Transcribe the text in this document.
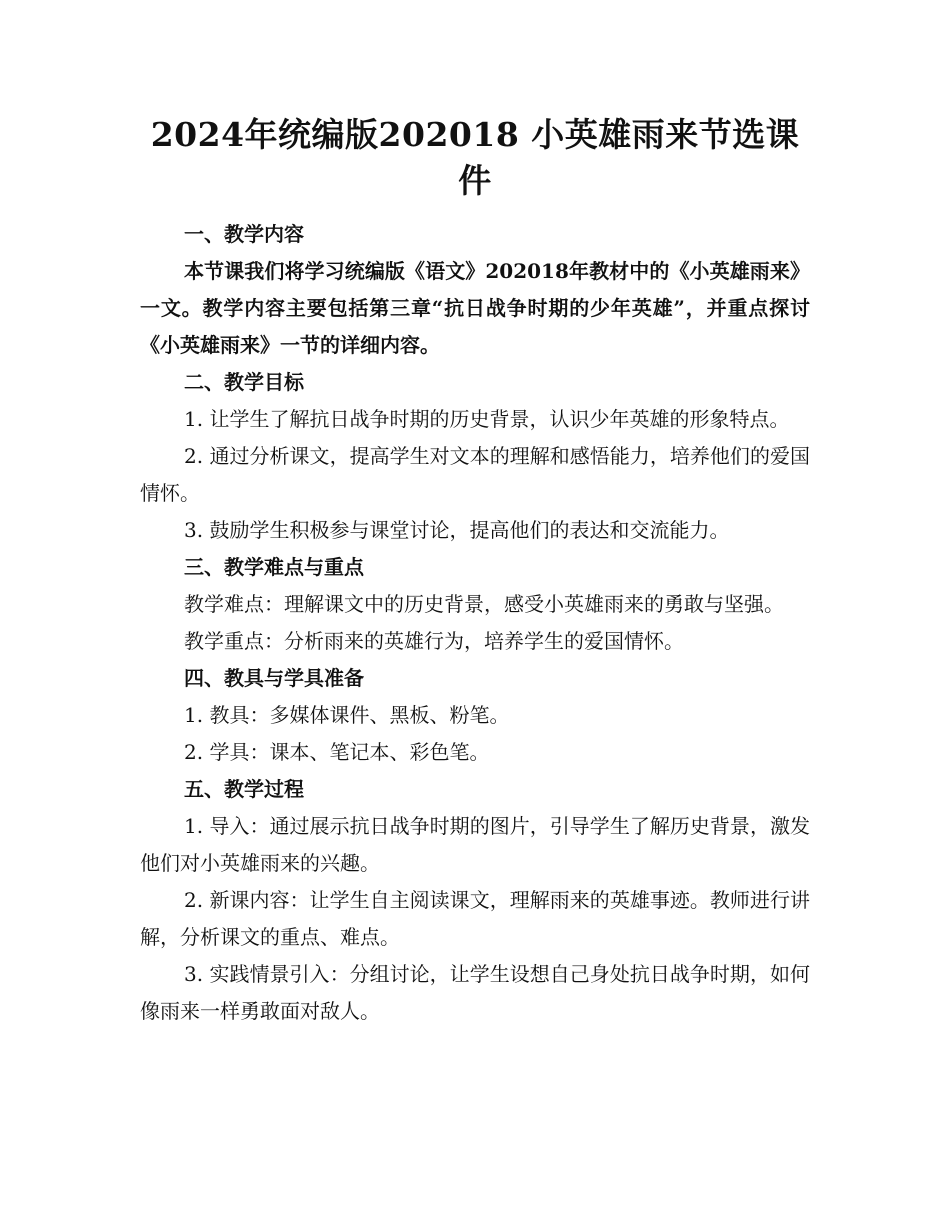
2024年统编版202018 小英雄雨来节选课件
一、教学内容

本节课我们将学习统编版《语文》202018年教材中的《小英雄雨来》一文。教学内容主要包括第三章“抗日战争时期的少年英雄”，并重点探讨《小英雄雨来》一节的详细内容。

二、教学目标

1. 让学生了解抗日战争时期的历史背景，认识少年英雄的形象特点。

2. 通过分析课文，提高学生对文本的理解和感悟能力，培养他们的爱国情怀。

3. 鼓励学生积极参与课堂讨论，提高他们的表达和交流能力。

三、教学难点与重点

教学难点：理解课文中的历史背景，感受小英雄雨来的勇敢与坚强。

教学重点：分析雨来的英雄行为，培养学生的爱国情怀。

四、教具与学具准备

1. 教具：多媒体课件、黑板、粉笔。

2. 学具：课本、笔记本、彩色笔。

五、教学过程

1. 导入：通过展示抗日战争时期的图片，引导学生了解历史背景，激发他们对小英雄雨来的兴趣。

2. 新课内容：让学生自主阅读课文，理解雨来的英雄事迹。教师进行讲解，分析课文的重点、难点。

3. 实践情景引入：分组讨论，让学生设想自己身处抗日战争时期，如何像雨来一样勇敢面对敌人。
